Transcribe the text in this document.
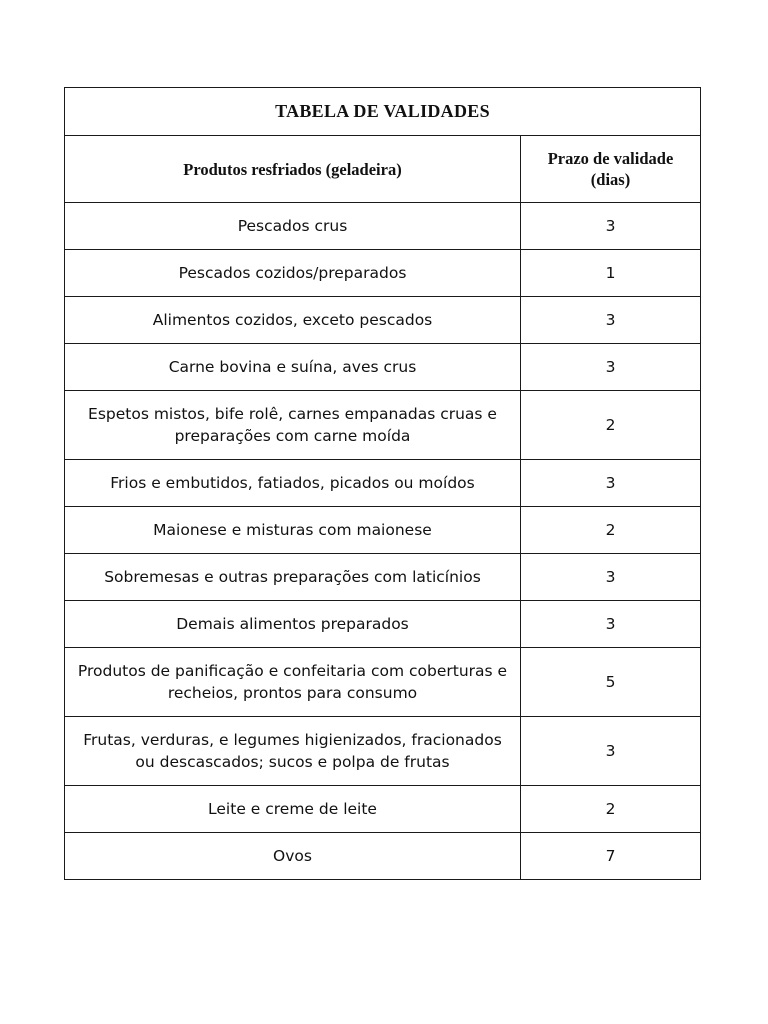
TABELA DE VALIDADES	
Produtos resfriados (geladeira)	Prazo de validade (dias)
Pescados crus	3
Pescados cozidos/preparados	1
Alimentos cozidos, exceto pescados	3
Carne bovina e suína, aves crus	3
Espetos mistos, bife rolê, carnes empanadas cruas e preparações com carne moída	2
Frios e embutidos, fatiados, picados ou moídos	3
Maionese e misturas com maionese	2
Sobremesas e outras preparações com laticínios	3
Demais alimentos preparados	3
Produtos de panificação e confeitaria com coberturas e recheios, prontos para consumo	5
Frutas, verduras, e legumes higienizados, fracionados ou descascados; sucos e polpa de frutas	3
Leite e creme de leite	2
Ovos	7
